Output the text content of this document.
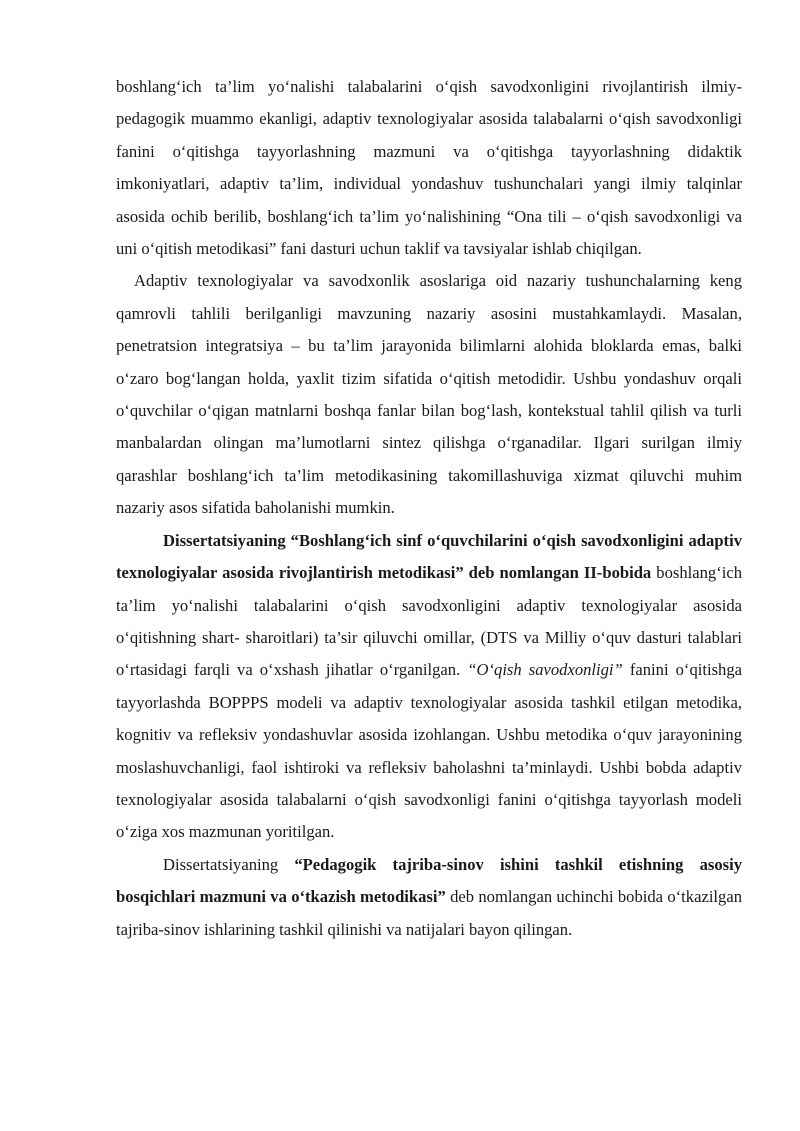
boshlang‘ich ta’lim yo‘nalishi talabalarini o‘qish savodxonligini rivojlantirish ilmiy-pedagogik muammo ekanligi, adaptiv texnologiyalar asosida talabalarni o‘qish savodxonligi fanini o‘qitishga tayyorlashning mazmuni va o‘qitishga tayyorlashning didaktik imkoniyatlari, adaptiv ta’lim, individual yondashuv tushunchalari yangi ilmiy talqinlar asosida ochib berilib, boshlang‘ich ta’lim yo‘nalishining “Ona tili – o‘qish savodxonligi va uni o‘qitish metodikasi” fani dasturi uchun taklif va tavsiyalar ishlab chiqilgan.

Adaptiv texnologiyalar va savodxonlik asoslariga oid nazariy tushunchalarning keng qamrovli tahlili berilganligi mavzuning nazariy asosini mustahkamlaydi. Masalan, penetratsion integratsiya – bu ta’lim jarayonida bilimlarni alohida bloklarda emas, balki o‘zaro bog‘langan holda, yaxlit tizim sifatida o‘qitish metodidir. Ushbu yondashuv orqali o‘quvchilar o‘qigan matnlarni boshqa fanlar bilan bog‘lash, kontekstual tahlil qilish va turli manbalardan olingan ma’lumotlarni sintez qilishga o‘rganadilar. Ilgari surilgan ilmiy qarashlar boshlang‘ich ta’lim metodikasining takomillashuviga xizmat qiluvchi muhim nazariy asos sifatida baholanishi mumkin.

Dissertatsiyaning “Boshlang‘ich sinf o‘quvchilarini o‘qish savodxonligini adaptiv texnologiyalar asosida rivojlantirish metodikasi” deb nomlangan II-bobida boshlang‘ich ta’lim yo‘nalishi talabalarini o‘qish savodxonligini adaptiv texnologiyalar asosida o‘qitishning shart- sharoitlari) ta’sir qiluvchi omillar, (DTS va Milliy o‘quv dasturi talablari o‘rtasidagi farqli va o‘xshash jihatlar o‘rganilgan. “O‘qish savodxonligi” fanini o‘qitishga tayyorlashda BOPPPS modeli va adaptiv texnologiyalar asosida tashkil etilgan metodika, kognitiv va refleksiv yondashuvlar asosida izohlangan. Ushbu metodika o‘quv jarayonining moslashuvchanligi, faol ishtiroki va refleksiv baholashni ta’minlaydi. Ushbi bobda adaptiv texnologiyalar asosida talabalarni o‘qish savodxonligi fanini o‘qitishga tayyorlash modeli o‘ziga xos mazmunan yoritilgan.

Dissertatsiyaning “Pedagogik tajriba-sinov ishini tashkil etishning asosiy bosqichlari mazmuni va o‘tkazish metodikasi” deb nomlangan uchinchi bobida o‘tkazilgan tajriba-sinov ishlarining tashkil qilinishi va natijalari bayon qilingan.
